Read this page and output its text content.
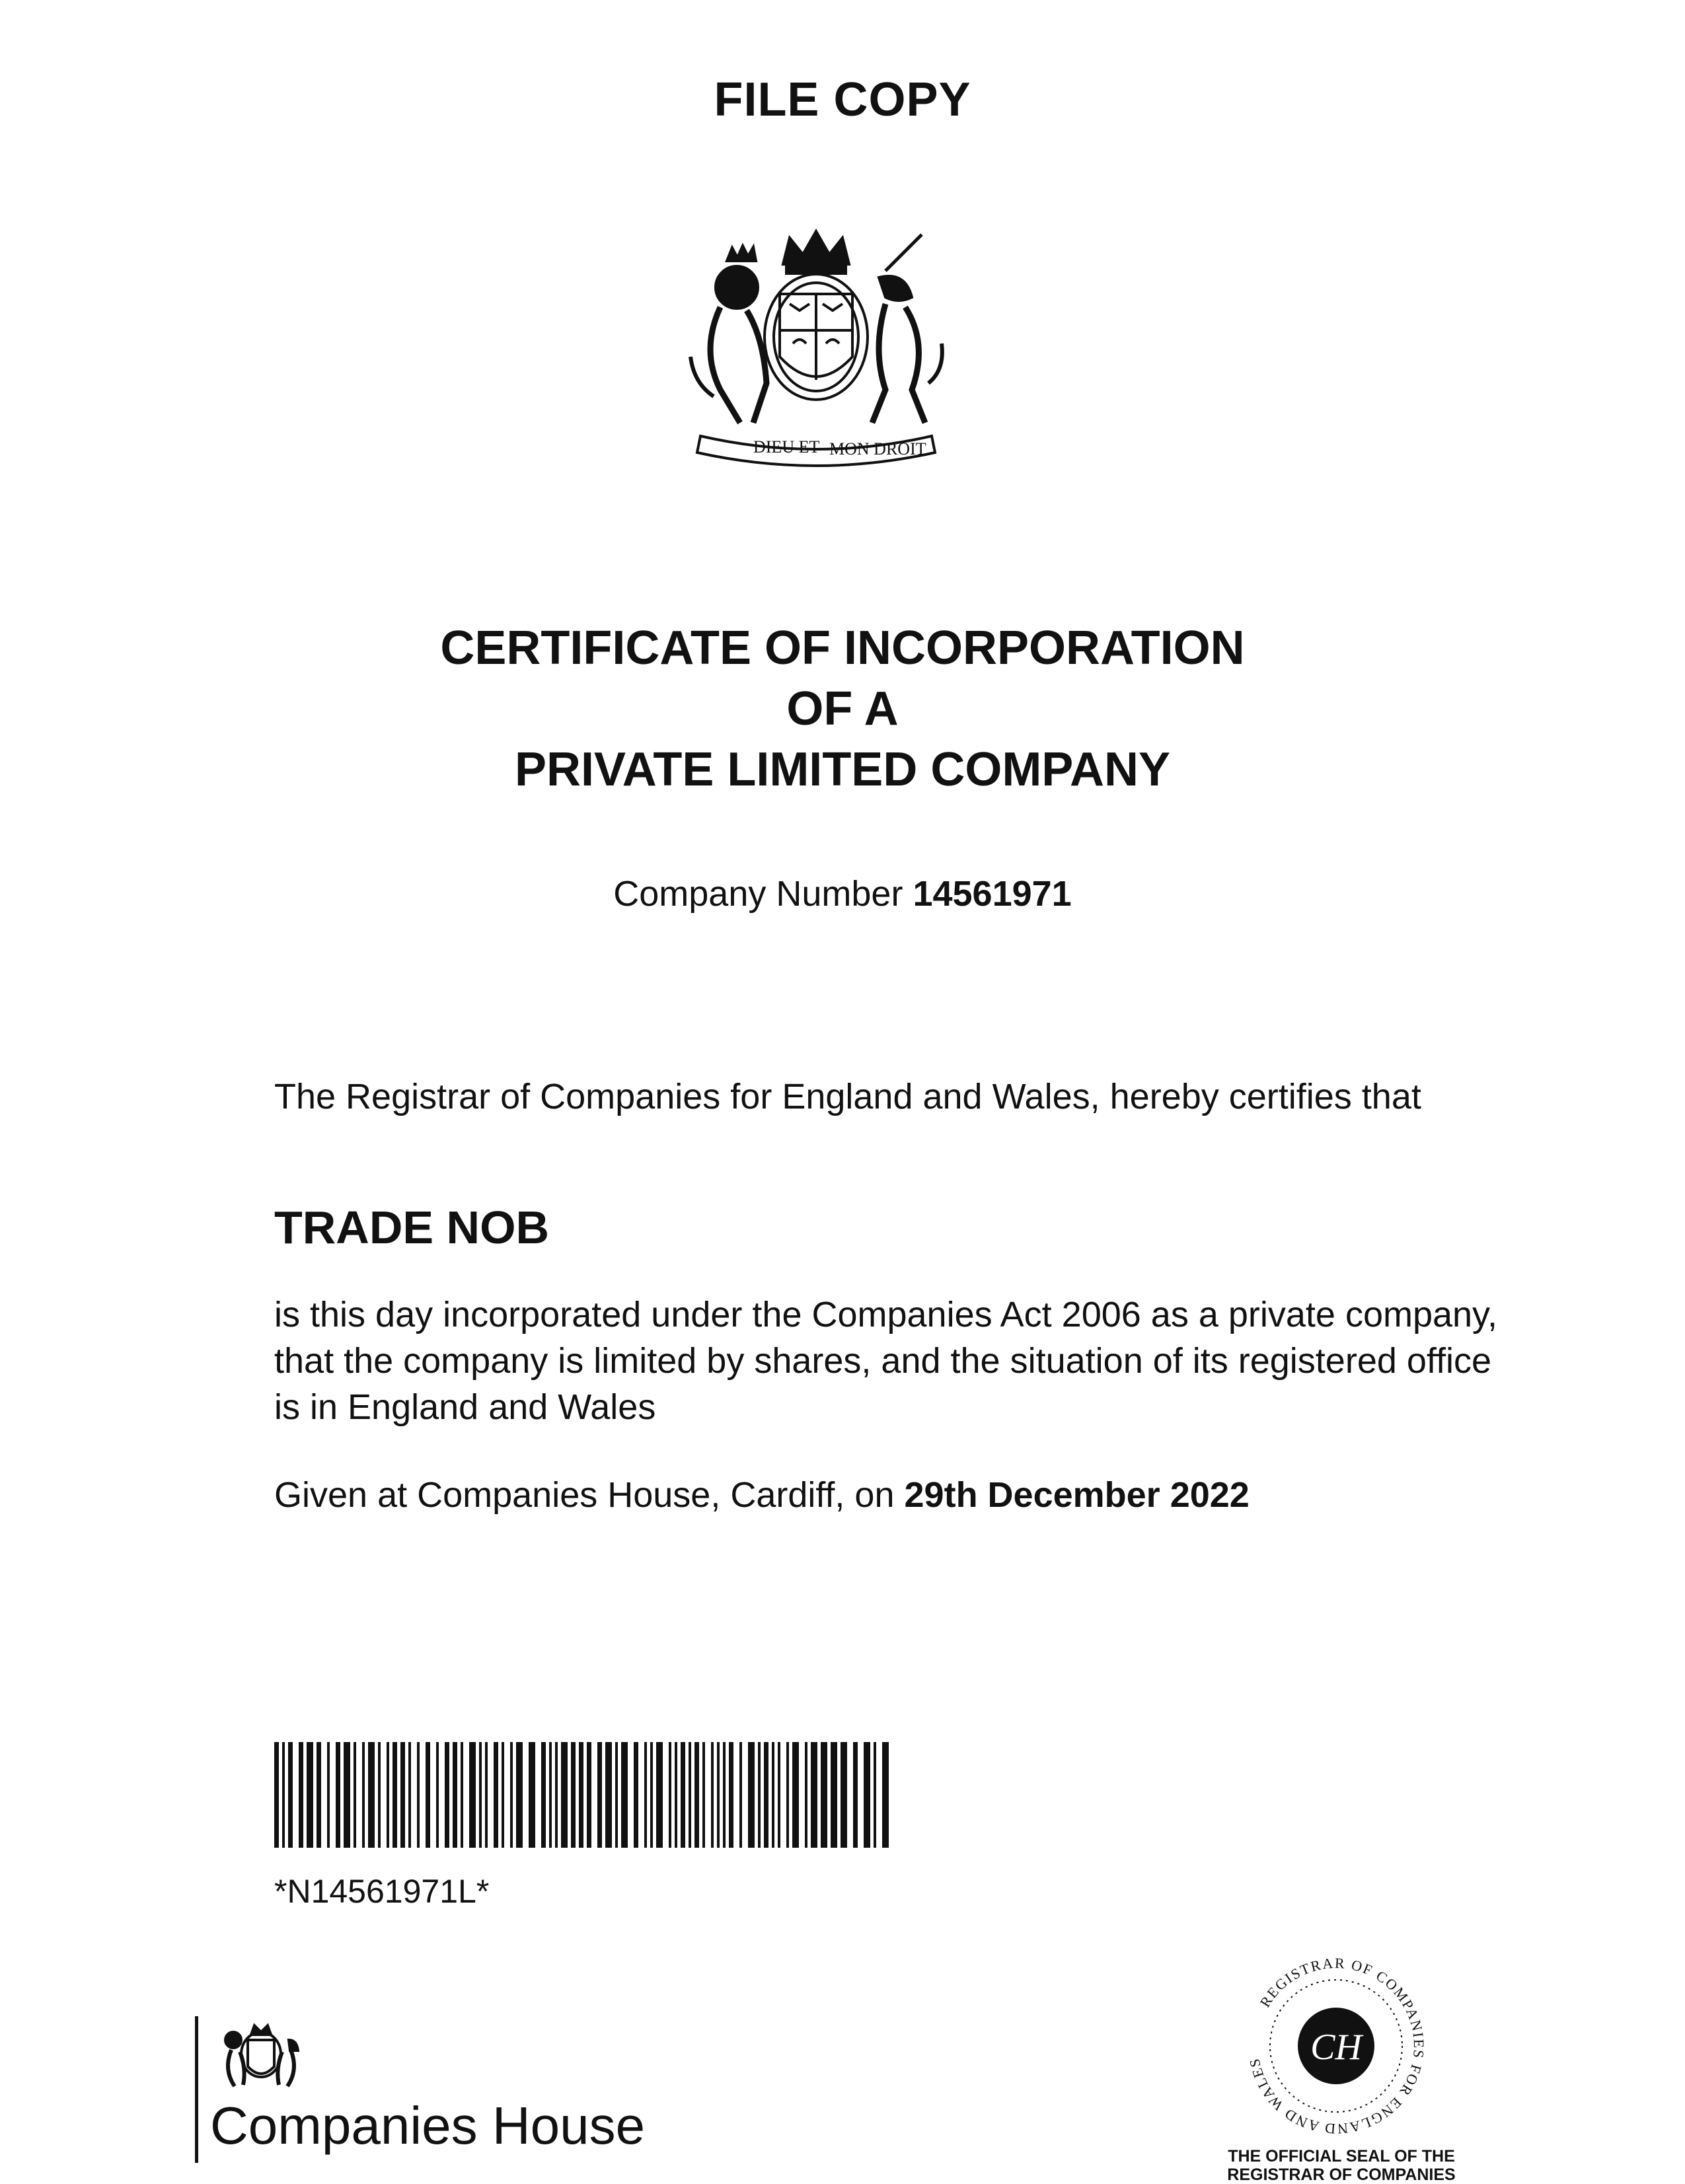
FILE COPY
DIEU ET MON DROIT
CERTIFICATE OF INCORPORATION
OF A
PRIVATE LIMITED COMPANY
Company Number 14561971
The Registrar of Companies for England and Wales, hereby certifies that
TRADE NOB
is this day incorporated under the Companies Act 2006 as a private company, that the company is limited by shares, and the situation of its registered office is in England and Wales
Given at Companies House, Cardiff, on 29th December 2022
*N14561971L*
Companies House
REGISTRAR OF COMPANIES FOR ENGLAND AND WALES	CH
THE OFFICIAL SEAL OF THE
REGISTRAR OF COMPANIES
